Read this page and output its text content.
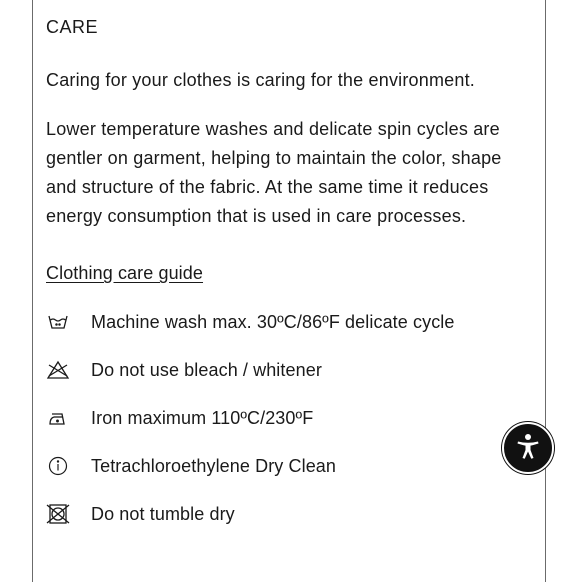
CARE
Caring for your clothes is caring for the environment.
Lower temperature washes and delicate spin cycles are gentler on garment, helping to maintain the color, shape and structure of the fabric. At the same time it reduces energy consumption that is used in care processes.
Clothing care guide
Machine wash max. 30ºC/86ºF delicate cycle
Do not use bleach / whitener
Iron maximum 110ºC/230ºF
Tetrachloroethylene Dry Clean
Do not tumble dry
